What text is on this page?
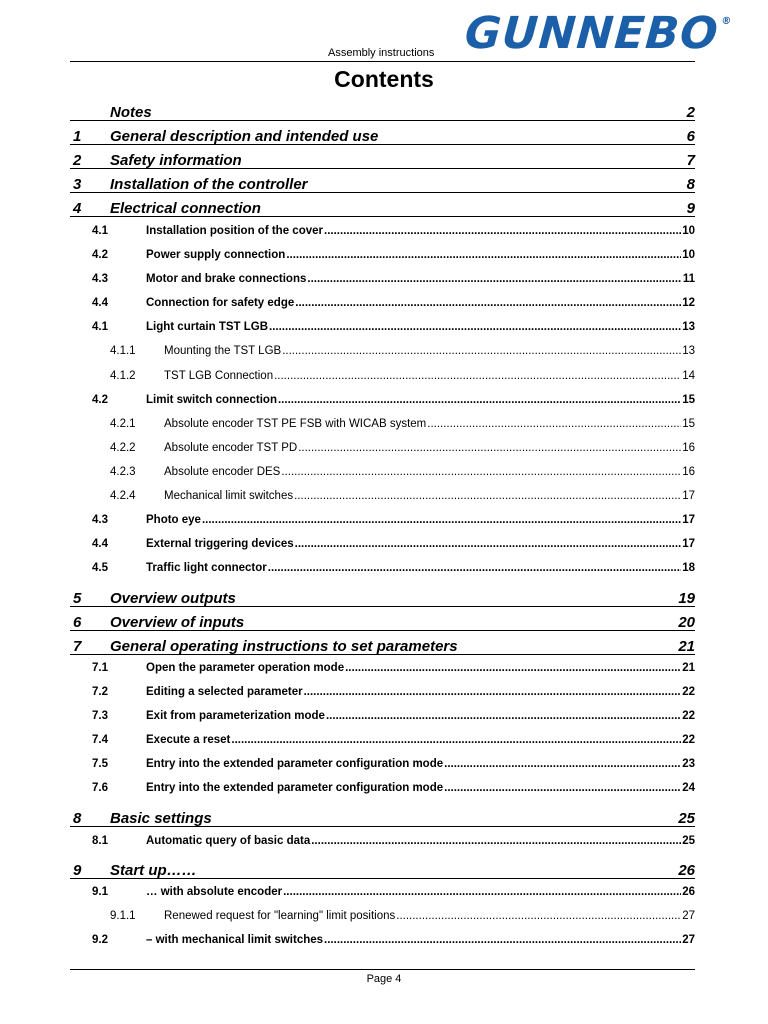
Assembly instructions GUNNEBO®
Contents
Notes	2
1 General description and intended use	6
2 Safety information	7
3 Installation of the controller	8
4 Electrical connection	9
4.1	Installation position of the cover .....	10
4.2	Power supply connection .....	10
4.3	Motor and brake connections .....	11
4.4	Connection for safety edge .....	12
4.1	Light curtain TST LGB .....	13
4.1.1 Mounting the TST LGB .....	13
4.1.2 TST LGB Connection .....	14
4.2	Limit switch connection .....	15
4.2.1 Absolute encoder TST PE FSB with WICAB system .....	15
4.2.2 Absolute encoder TST PD .....	16
4.2.3 Absolute encoder DES .....	16
4.2.4 Mechanical limit switches .....	17
4.3	Photo eye .....	17
4.4	External triggering devices .....	17
4.5	Traffic light connector .....	18
5 Overview outputs	19
6 Overview of inputs	20
7 General operating instructions to set parameters	21
7.1	Open the parameter operation mode .....	21
7.2	Editing a selected parameter .....	22
7.3	Exit from parameterization mode .....	22
7.4	Execute a reset .....	22
7.5	Entry into the extended parameter configuration mode .....	23
7.6	Entry into the extended parameter configuration mode .....	24
8 Basic settings	25
8.1	Automatic query of basic data .....	25
9 Start up……	26
9.1	… with absolute encoder .....	26
9.1.1 Renewed request for "learning" limit positions .....	27
9.2	– with mechanical limit switches .....	27
Page 4
